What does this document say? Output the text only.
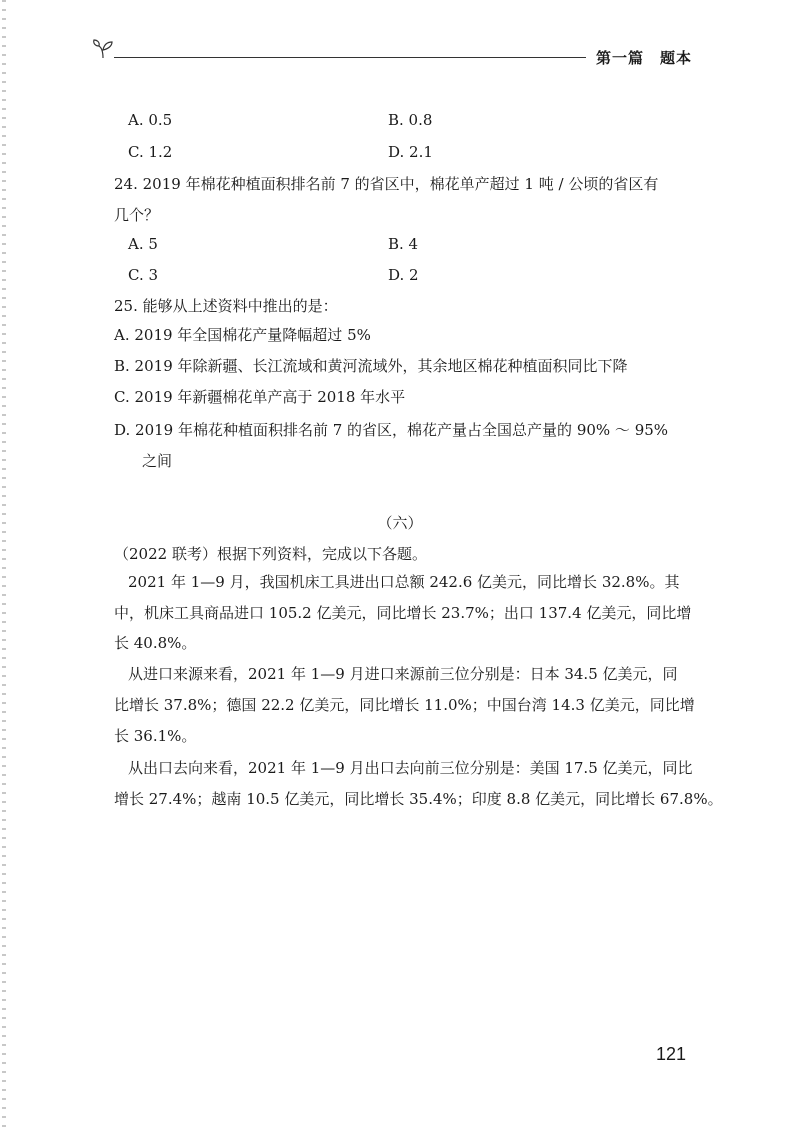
第一篇　题本
A. 0.5	B. 0.8
C. 1.2	D. 2.1
24. 2019 年棉花种植面积排名前 7 的省区中，棉花单产超过 1 吨 / 公顷的省区有
几个？
A. 5	B. 4
C. 3	D. 2
25. 能够从上述资料中推出的是：
A. 2019 年全国棉花产量降幅超过 5%
B. 2019 年除新疆、长江流域和黄河流域外，其余地区棉花种植面积同比下降
C. 2019 年新疆棉花单产高于 2018 年水平
D. 2019 年棉花种植面积排名前 7 的省区，棉花产量占全国总产量的 90% ～ 95%
之间
（六）
（2022 联考）根据下列资料，完成以下各题。
2021 年 1—9 月，我国机床工具进出口总额 242.6 亿美元，同比增长 32.8%。其
中，机床工具商品进口 105.2 亿美元，同比增长 23.7%；出口 137.4 亿美元，同比增
长 40.8%。
从进口来源来看，2021 年 1—9 月进口来源前三位分别是：日本 34.5 亿美元，同
比增长 37.8%；德国 22.2 亿美元，同比增长 11.0%；中国台湾 14.3 亿美元，同比增
长 36.1%。
从出口去向来看，2021 年 1—9 月出口去向前三位分别是：美国 17.5 亿美元，同比
增长 27.4%；越南 10.5 亿美元，同比增长 35.4%；印度 8.8 亿美元，同比增长 67.8%。
121
